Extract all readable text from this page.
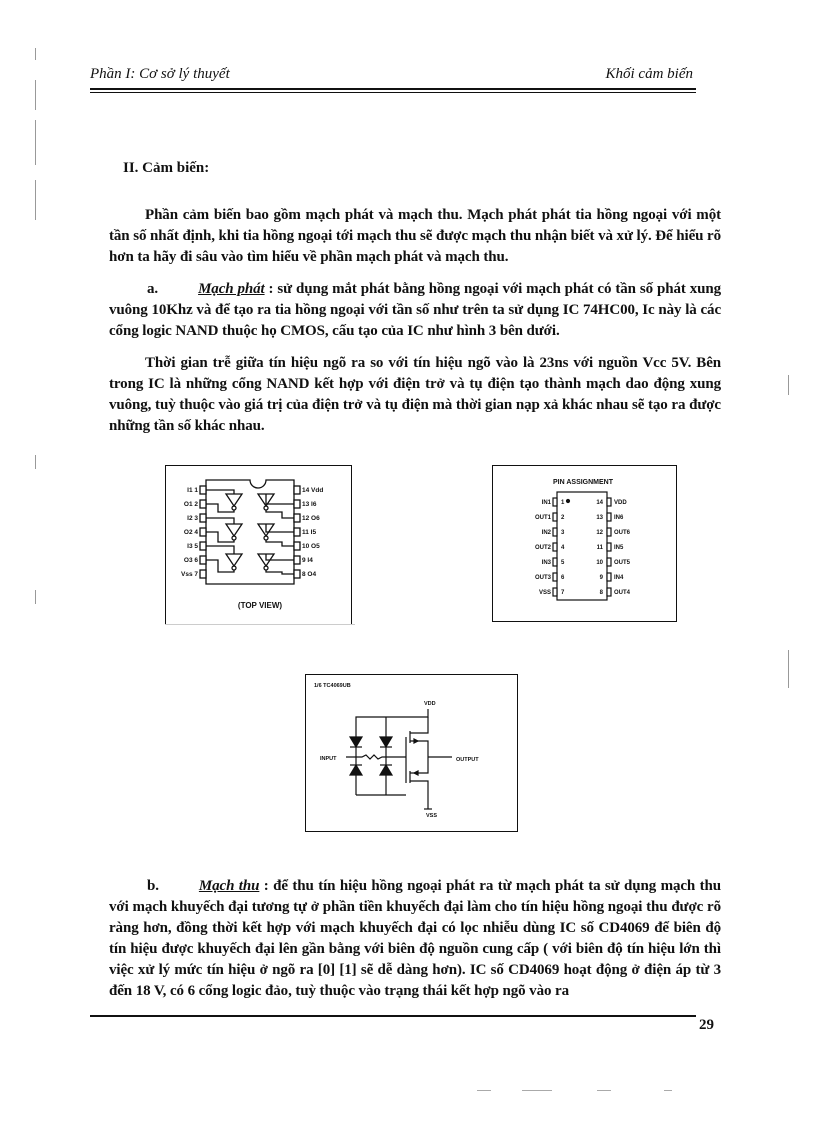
Phần I: Cơ sở lý thuyết	Khối cảm biến
II. Cảm biến:
Phần cảm biến bao gồm mạch phát và mạch thu. Mạch phát phát tia hồng ngoại với một tần số nhất định, khi tia hồng ngoại tới mạch thu sẽ được mạch thu nhận biết và xử lý. Để hiểu rõ hơn ta hãy đi sâu vào tìm hiểu về phần mạch phát và mạch thu.
a.	Mạch phát : sử dụng mắt phát bằng hồng ngoại với mạch phát có tần số phát xung vuông 10Khz và để tạo ra tia hồng ngoại với tần số như trên ta sử dụng IC 74HC00, Ic này là các cổng logic NAND thuộc họ CMOS, cấu tạo của IC như hình 3 bên dưới.
Thời gian trễ giữa tín hiệu ngõ ra so với tín hiệu ngõ vào là 23ns với nguồn Vcc 5V. Bên trong IC là những cổng NAND kết hợp với điện trở và tụ điện tạo thành mạch dao động xung vuông, tuỳ thuộc vào giá trị của điện trở và tụ điện mà thời gian nạp xả khác nhau sẽ tạo ra được những tần số khác nhau.
I1 1
O1 2
I2 3
O2 4
I3 5
O3 6
Vss 7
14 Vdd
13 I6
12 O6
11 I5
10 O5
9 I4
8 O4
(TOP VIEW)
PIN ASSIGNMENT
IN1
OUT1
IN2
OUT2
IN3
OUT3
VSS
1
2
3
4
5
6
7
14
13
12
11
10
9
8
VDD
IN6
OUT6
IN5
OUT5
IN4
OUT4
1/6 TC4069UB
VDD
INPUT	OUTPUT
VSS
b.	Mạch thu : để thu tín hiệu hồng ngoại phát ra từ mạch phát ta sử dụng mạch thu với mạch khuyếch đại tương tự ở phần tiền khuyếch đại làm cho tín hiệu hồng ngoại thu được rõ ràng hơn, đồng thời kết hợp với mạch khuyếch đại có lọc nhiễu dùng IC số CD4069 để biên độ tín hiệu được khuyếch đại lên gần bằng với biên độ nguồn cung cấp ( với biên độ tín hiệu lớn thì việc xử lý mức tín hiệu ở ngõ ra [0] [1] sẽ dễ dàng hơn). IC số CD4069 hoạt động ở điện áp từ 3 đến 18 V, có 6 cổng logic đảo, tuỳ thuộc vào trạng thái kết hợp ngõ vào ra
29
